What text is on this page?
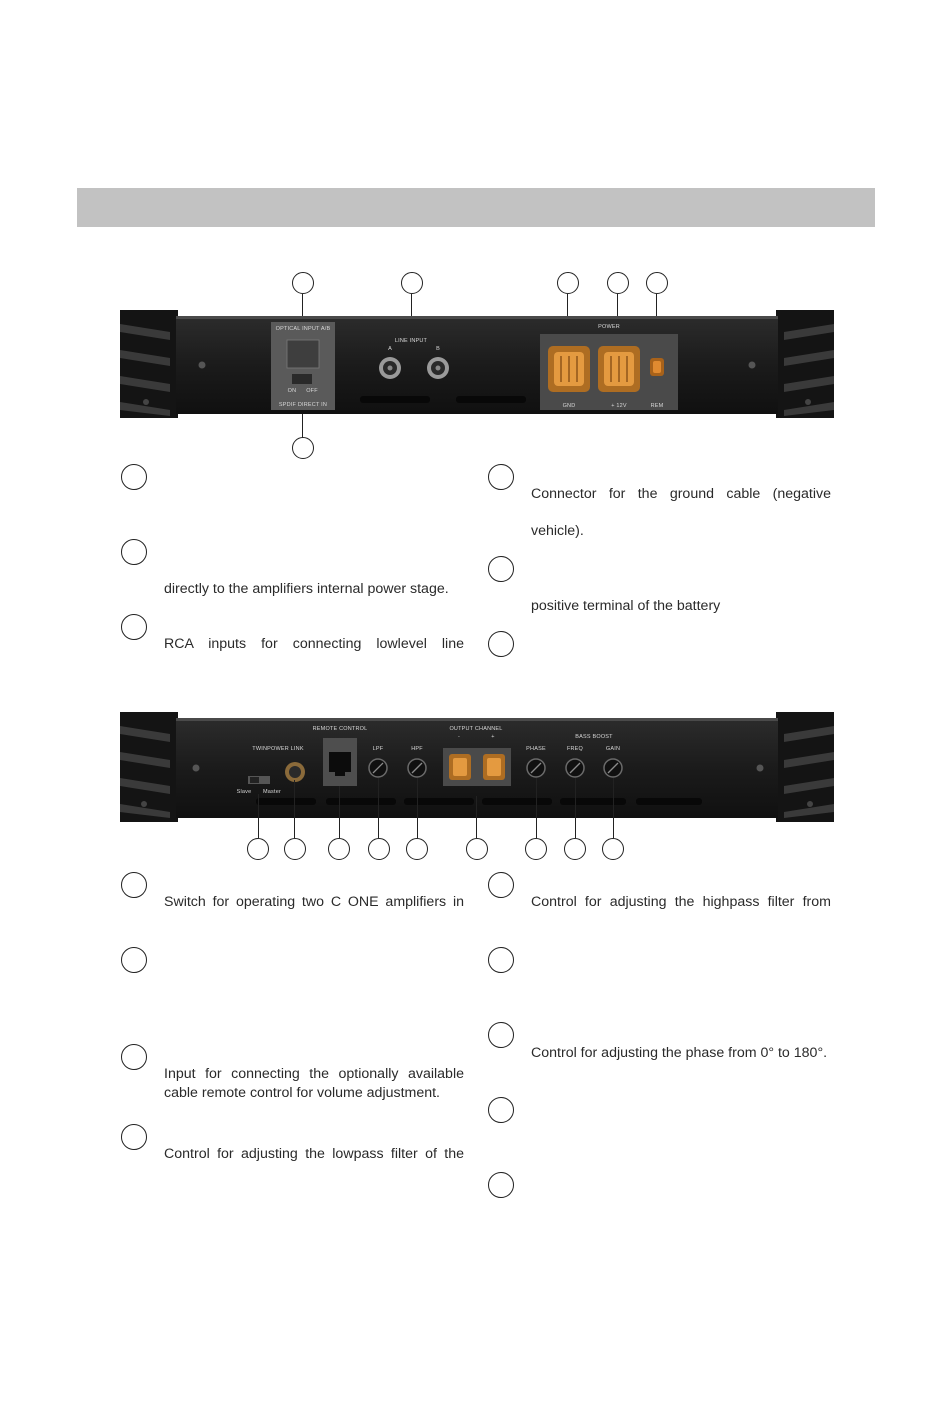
OPTICAL INPUT A/B
SPDIF DIRECT IN
ON OFF
LINE INPUT
A	B
POWER
GND	+ 12V	REM
directly to the amplifiers internal power stage.
RCA inputs for connecting lowlevel line
Connector for the ground cable (negative
vehicle).
positive terminal of the battery
TWINPOWER LINK
Slave Master
REMOTE CONTROL
LPF	HPF
OUTPUT CHANNEL
-	+
PHASE
BASS BOOST
FREQ	GAIN
Switch for operating two C ONE amplifiers in
Input for connecting the optionally available cable remote control for volume adjustment.
Control for adjusting the lowpass filter of the
Control for adjusting the highpass filter from
Control for adjusting the phase from 0° to 180°.
